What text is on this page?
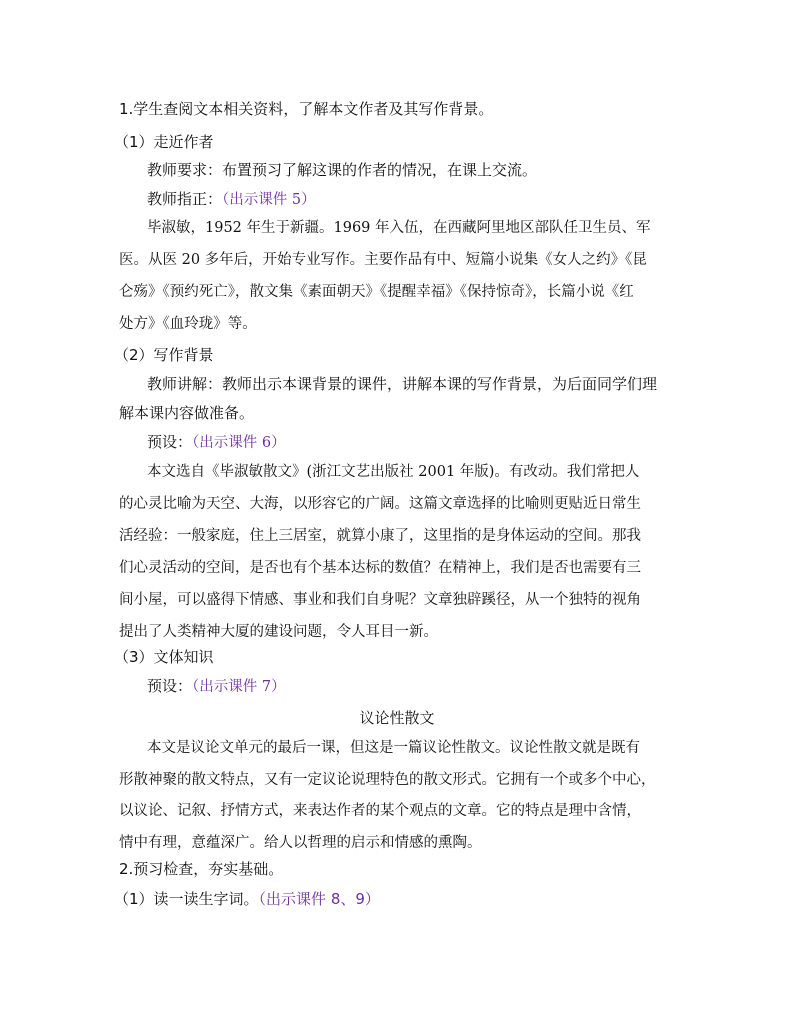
1.学生查阅文本相关资料，了解本文作者及其写作背景。
（1）走近作者
教师要求：布置预习了解这课的作者的情况，在课上交流。
教师指正：（出示课件 5）
毕淑敏，1952 年生于新疆。1969 年入伍，在西藏阿里地区部队任卫生员、军
医。从医 20 多年后，开始专业写作。主要作品有中、短篇小说集《女人之约》《昆
仑殇》《预约死亡》，散文集《素面朝天》《提醒幸福》《保持惊奇》，长篇小说《红
处方》《血玲珑》等。
（2）写作背景
教师讲解：教师出示本课背景的课件，讲解本课的写作背景，为后面同学们理
解本课内容做准备。
预设：（出示课件 6）
本文选自《毕淑敏散文》(浙江文艺出版社 2001 年版)。有改动。我们常把人
的心灵比喻为天空、大海，以形容它的广阔。这篇文章选择的比喻则更贴近日常生
活经验：一般家庭，住上三居室，就算小康了，这里指的是身体运动的空间。那我
们心灵活动的空间，是否也有个基本达标的数值？在精神上，我们是否也需要有三
间小屋，可以盛得下情感、事业和我们自身呢？文章独辟蹊径，从一个独特的视角
提出了人类精神大厦的建设问题，令人耳目一新。
（3）文体知识
预设：（出示课件 7）
议论性散文
本文是议论文单元的最后一课，但这是一篇议论性散文。议论性散文就是既有
形散神聚的散文特点，又有一定议论说理特色的散文形式。它拥有一个或多个中心，
以议论、记叙、抒情方式，来表达作者的某个观点的文章。它的特点是理中含情，
情中有理，意蕴深广。给人以哲理的启示和情感的熏陶。
2.预习检查，夯实基础。
（1）读一读生字词。（出示课件 8、9）
